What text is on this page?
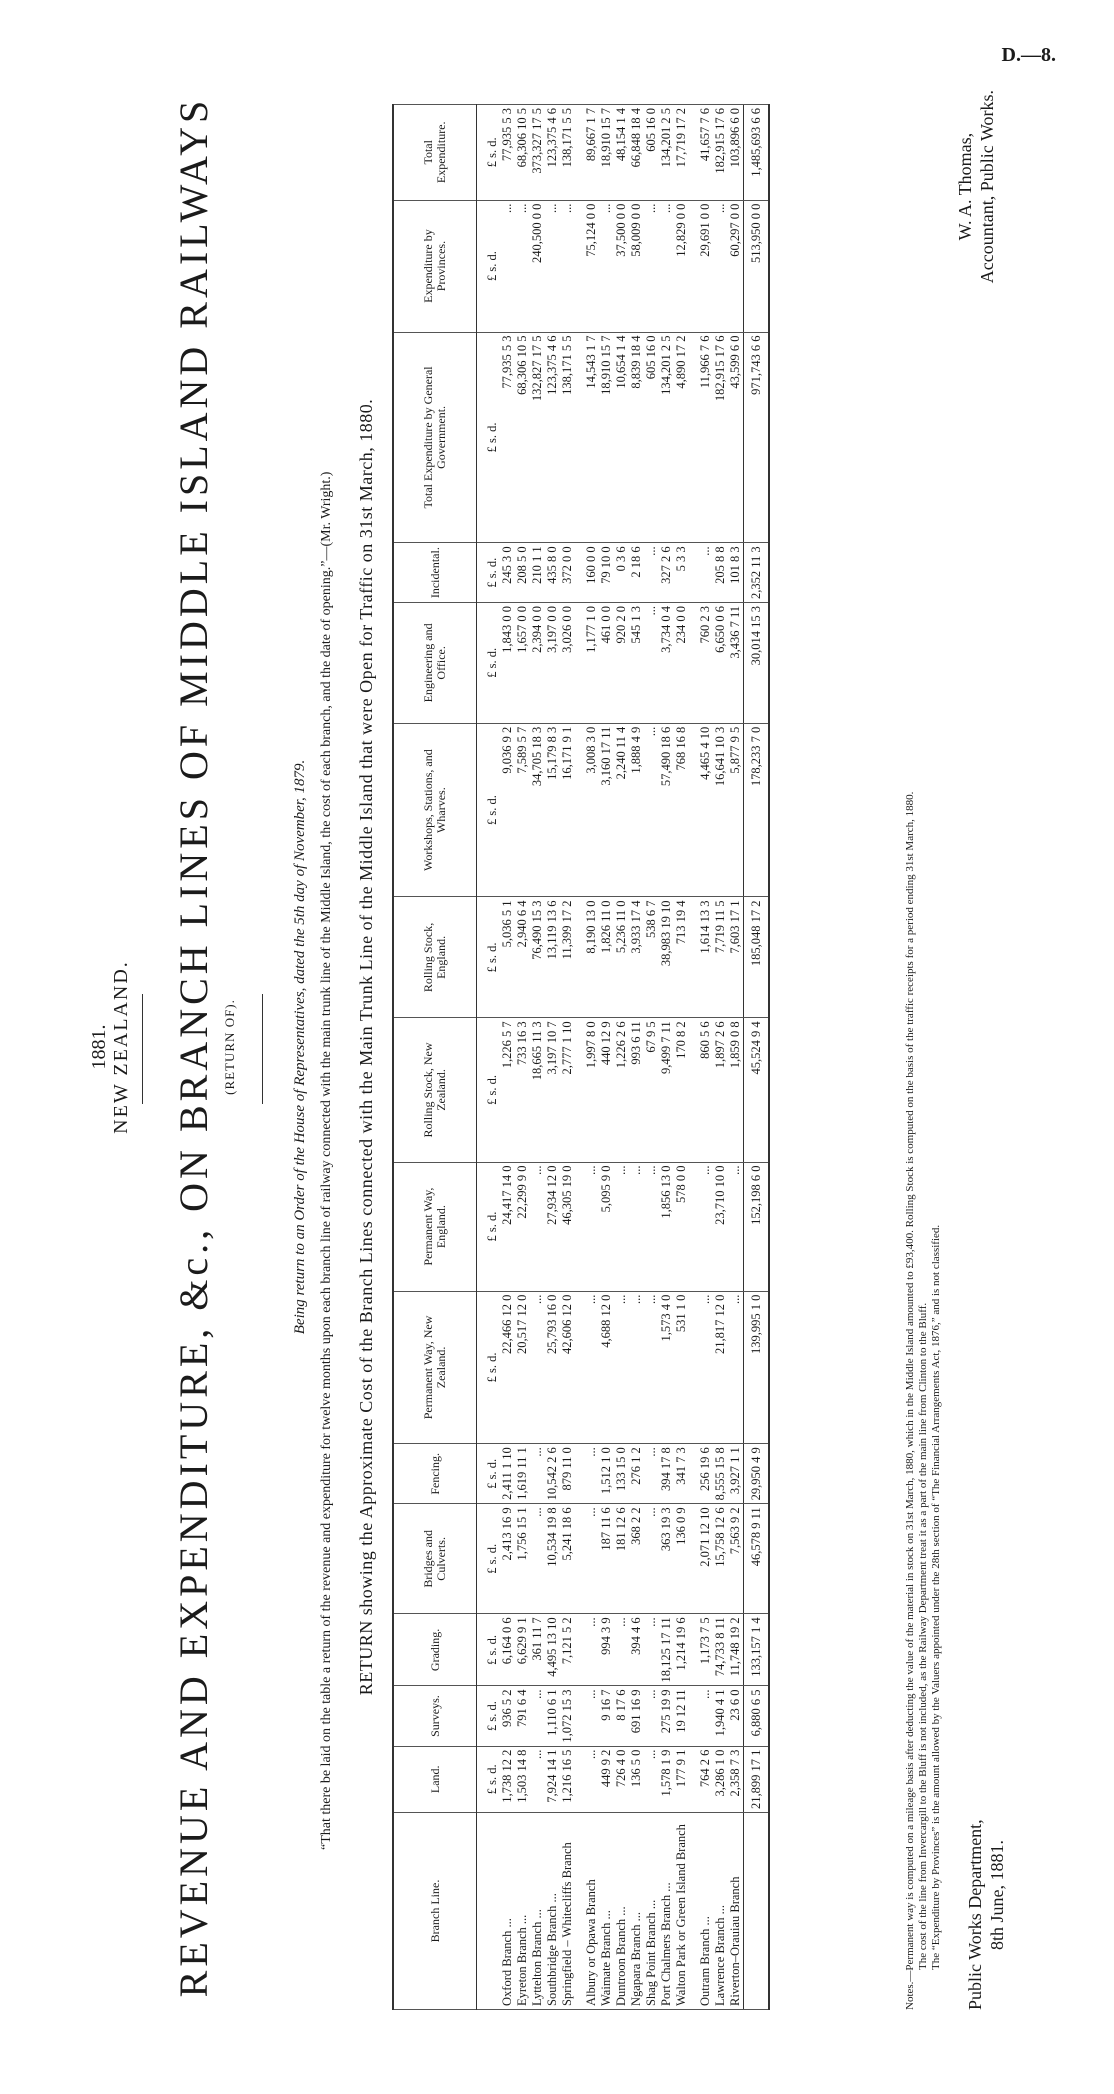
D.—8.
1881. NEW ZEALAND. REVENUE AND EXPENDITURE, &c., ON BRANCH LINES OF MIDDLE ISLAND RAILWAYS (RETURN OF).	Being return to an Order of the House of Representatives, dated the 5th day of November, 1879. “That there be laid on the table a return of the revenue and expenditure for twelve months upon each branch line of railway connected with the main trunk line of the Middle Island, the cost of each branch, and the date of opening.”—(Mr. Wright.) RETURN showing the Approximate Cost of the Branch Lines connected with the Main Trunk Line of the Middle Island that were Open for Traffic on 31st March, 1880.
Branch Line.	Land.	Surveys.	Grading.	Bridges and Culverts.	Fencing.	Permanent Way, New Zealand.	Permanent Way, England.	Rolling Stock, New Zealand.	Rolling Stock, England.	Workshops, Stations, and Wharves.	Engineering and Office.	Incidental.	Total Expenditure by General Government.	Expenditure by Provinces.	Total Expenditure.
	£ s. d.	£ s. d.	£ s. d.	£ s. d.	£ s. d.	£ s. d.	£ s. d.	£ s. d.	£ s. d.	£ s. d.	£ s. d.	£ s. d.	£ s. d.	£ s. d.	£ s. d.
Oxford Branch ...	1,738 12 2	936 5 2	6,164 0 6	2,413 16 9	2,411 1 10	22,466 12 0	24,417 14 0	1,226 5 7	5,036 5 1	9,036 9 2	1,843 0 0	245 3 0	77,935 5 3	...	77,935 5 3
Eyreton Branch ...	1,503 14 8	791 6 4	6,629 9 1	1,756 15 1	1,619 11 1	20,517 12 0	22,299 9 0	733 16 3	2,940 6 4	7,589 5 7	1,657 0 0	208 5 0	68,306 10 5	...	68,306 10 5
Lyttelton Branch ...	...	...	361 11 7	...	...	...	...	18,665 11 3	76,490 15 3	34,705 18 3	2,394 0 0	210 1 1	132,827 17 5	240,500 0 0	373,327 17 5
Southbridge Branch ...	7,924 14 1	1,110 6 1	4,495 13 10	10,534 19 8	10,542 2 6	25,793 16 0	27,934 12 0	3,197 10 7	13,119 13 6	15,179 8 3	3,197 0 0	435 8 0	123,375 4 6	...	123,375 4 6
Springfield – Whitecliffs Branch	1,216 16 5	1,072 15 3	7,121 5 2	5,241 18 6	879 11 0	42,606 12 0	46,305 19 0	2,777 1 10	11,399 17 2	16,171 9 1	3,026 0 0	372 0 0	138,171 5 5	...	138,171 5 5

Albury or Opawa Branch	...	...	...	...	...	...	...	1,997 8 0	8,190 13 0	3,008 3 0	1,177 1 0	160 0 0	14,543 1 7	75,124 0 0	89,667 1 7
Waimate Branch ...	449 9 2	9 16 7	994 3 9	187 11 6	1,512 1 0	4,688 12 0	5,095 9 0	440 12 9	1,826 11 0	3,160 17 11	461 0 0	79 10 0	18,910 15 7	...	18,910 15 7
Duntroon Branch ...	726 4 0	8 17 6	...	181 12 6	133 15 0	...	...	1,226 2 6	5,236 11 0	2,240 11 4	920 2 0	0 3 6	10,654 1 4	37,500 0 0	48,154 1 4
Ngapara Branch ...	136 5 0	691 16 9	394 4 6	368 2 2	276 1 2	...	...	993 6 11	3,933 17 4	1,888 4 9	545 1 3	2 18 6	8,839 18 4	58,009 0 0	66,848 18 4
Shag Point Branch ...	...	...	...	...	...	...	...	67 9 5	538 6 7	...	...	...	605 16 0	...	605 16 0
Port Chalmers Branch ...	1,578 1 9	275 19 9	18,125 17 11	363 19 3	394 17 8	1,573 4 0	1,856 13 0	9,499 7 11	38,983 19 10	57,490 18 6	3,734 0 4	327 2 6	134,201 2 5	...	134,201 2 5
Walton Park or Green Island Branch	177 9 1	19 12 11	1,214 19 6	136 0 9	341 7 3	531 1 0	578 0 0	170 8 2	713 19 4	768 16 8	234 0 0	5 3 3	4,890 17 2	12,829 0 0	17,719 17 2

Outram Branch ...	764 2 6	...	1,173 7 5	2,071 12 10	256 19 6	...	...	860 5 6	1,614 13 3	4,465 4 10	760 2 3	...	11,966 7 6	29,691 0 0	41,657 7 6
Lawrence Branch ...	3,286 1 0	1,940 4 1	74,733 8 11	15,758 12 6	8,555 15 8	21,817 12 0	23,710 10 0	1,897 2 6	7,719 11 5	16,641 10 3	6,650 0 6	205 8 8	182,915 17 6	...	182,915 17 6
Riverton–Orauiau Branch	2,358 7 3	23 6 0	11,748 19 2	7,563 9 2	3,927 1 1	...	...	1,859 0 8	7,603 17 1	5,877 9 5	3,436 7 11	101 8 3	43,599 6 0	60,297 0 0	103,896 6 0
	21,899 17 1	6,880 6 5	133,157 1 4	46,578 9 11	29,950 4 9	139,995 1 0	152,198 6 0	45,524 9 4	185,048 17 2	178,233 7 0	30,014 15 3	2,352 11 3	971,743 6 6	513,950 0 0	1,485,693 6 6
Notes.—Permanent way is computed on a mileage basis after deducting the value of the material in stock on 31st March, 1880, which in the Middle Island amounted to £93,400. Rolling Stock is computed on the basis of the traffic receipts for a period ending 31st March, 1880. The cost of the line from Invercargill to the Bluff is not included, as the Railway Department treat it as a part of the main line from Clinton to the Bluff. The “Expenditure by Provinces” is the amount allowed by the Valuers appointed under the 28th section of “The Financial Arrangements Act, 1876,” and is not classified. Public Works Department, 8th June, 1881.
W. A. Thomas, Accountant, Public Works.
